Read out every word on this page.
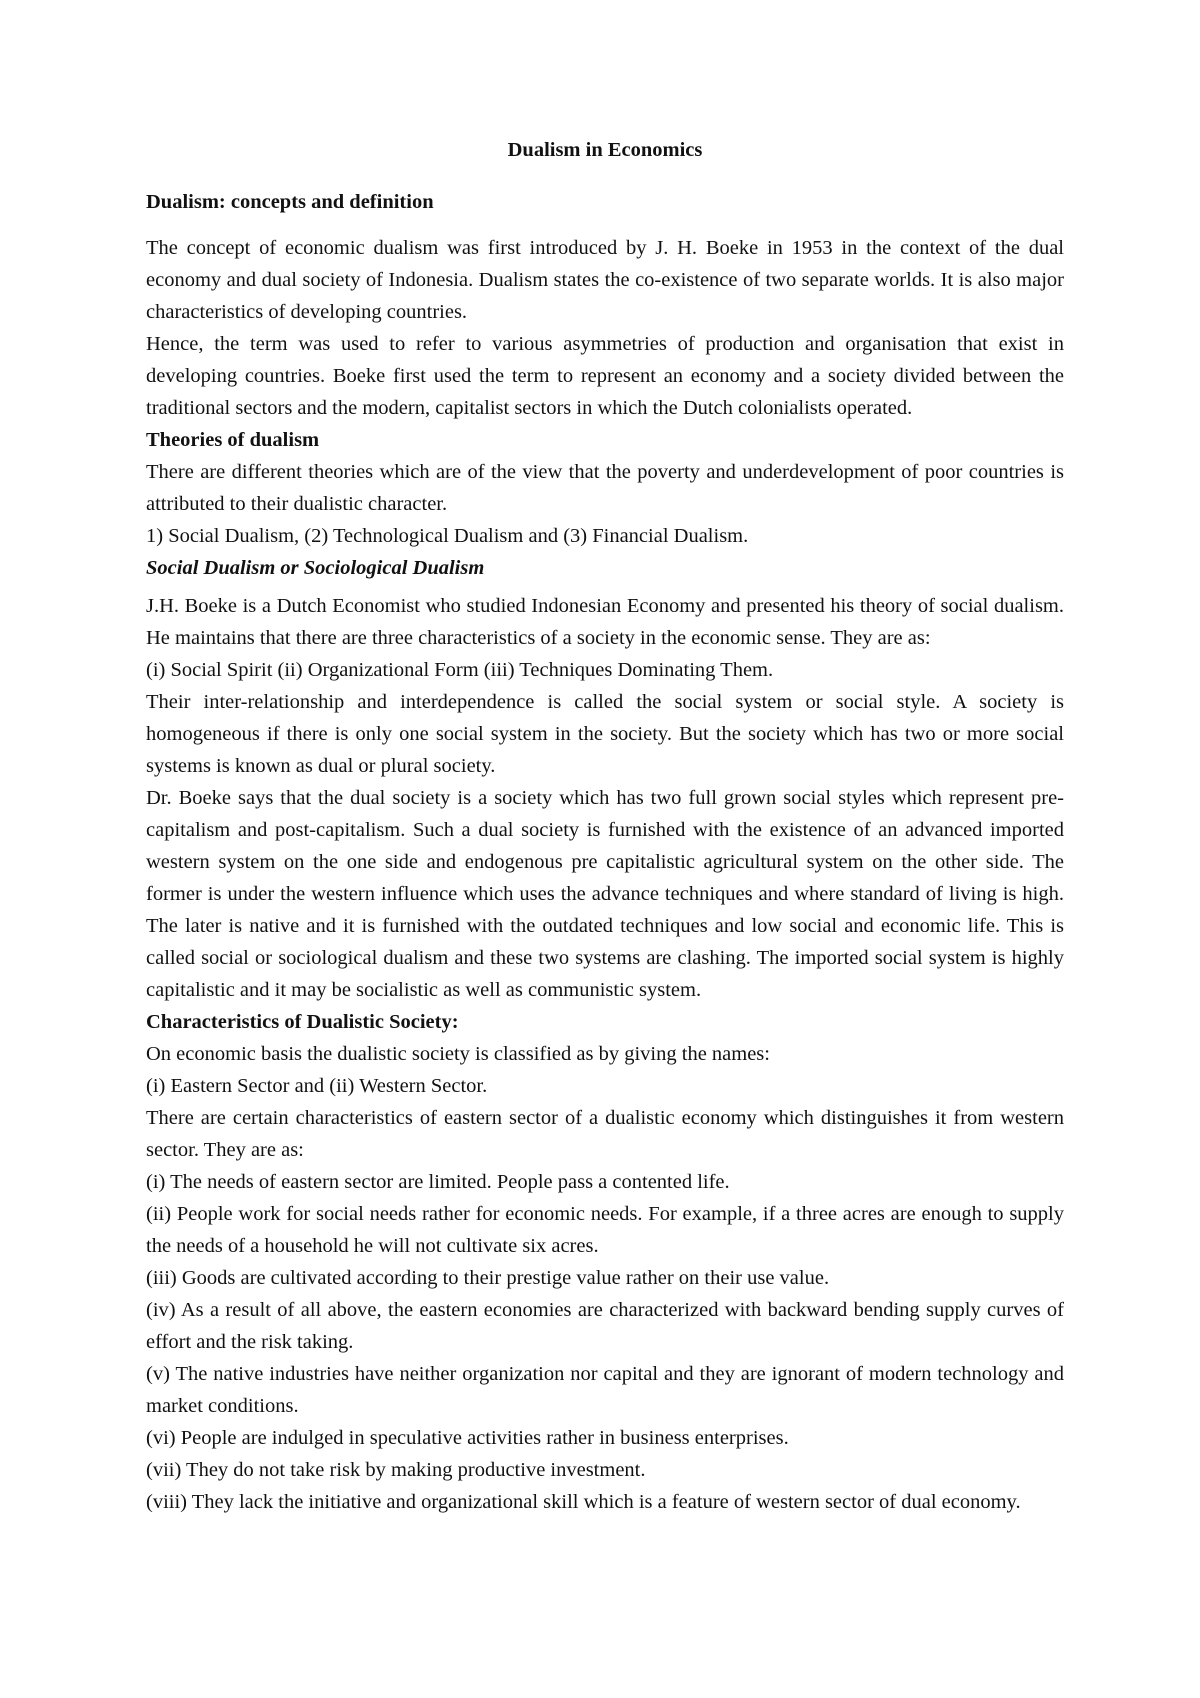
Dualism in Economics
Dualism: concepts and definition

The concept of economic dualism was first introduced by J. H. Boeke in 1953 in the context of the dual economy and dual society of Indonesia. Dualism states the co-existence of two separate worlds. It is also major characteristics of developing countries.

Hence, the term was used to refer to various asymmetries of production and organisation that exist in developing countries. Boeke first used the term to represent an economy and a society divided between the traditional sectors and the modern, capitalist sectors in which the Dutch colonialists operated.

Theories of dualism

There are different theories which are of the view that the poverty and underdevelopment of poor countries is attributed to their dualistic character.

1) Social Dualism, (2) Technological Dualism and (3) Financial Dualism.
Social Dualism or Sociological Dualism

J.H. Boeke is a Dutch Economist who studied Indonesian Economy and presented his theory of social dualism. He maintains that there are three characteristics of a society in the economic sense. They are as:

(i) Social Spirit (ii) Organizational Form (iii) Techniques Dominating Them.

Their inter-relationship and interdependence is called the social system or social style. A society is homogeneous if there is only one social system in the society. But the society which has two or more social systems is known as dual or plural society.

Dr. Boeke says that the dual society is a society which has two full grown social styles which represent pre-capitalism and post-capitalism. Such a dual society is furnished with the existence of an advanced imported western system on the one side and endogenous pre capitalistic agricultural system on the other side. The former is under the western influence which uses the advance techniques and where standard of living is high. The later is native and it is furnished with the outdated techniques and low social and economic life. This is called social or sociological dualism and these two systems are clashing. The imported social system is highly capitalistic and it may be socialistic as well as communistic system.

Characteristics of Dualistic Society:
On economic basis the dualistic society is classified as by giving the names:
(i) Eastern Sector and (ii) Western Sector.

There are certain characteristics of eastern sector of a dualistic economy which distinguishes it from western sector. They are as:

(i) The needs of eastern sector are limited. People pass a contented life.

(ii) People work for social needs rather for economic needs. For example, if a three acres are enough to supply the needs of a household he will not cultivate six acres.

(iii) Goods are cultivated according to their prestige value rather on their use value.

(iv) As a result of all above, the eastern economies are characterized with backward bending supply curves of effort and the risk taking.

(v) The native industries have neither organization nor capital and they are ignorant of modern technology and market conditions.

(vi) People are indulged in speculative activities rather in business enterprises.

(vii) They do not take risk by making productive investment.

(viii) They lack the initiative and organizational skill which is a feature of western sector of dual economy.
